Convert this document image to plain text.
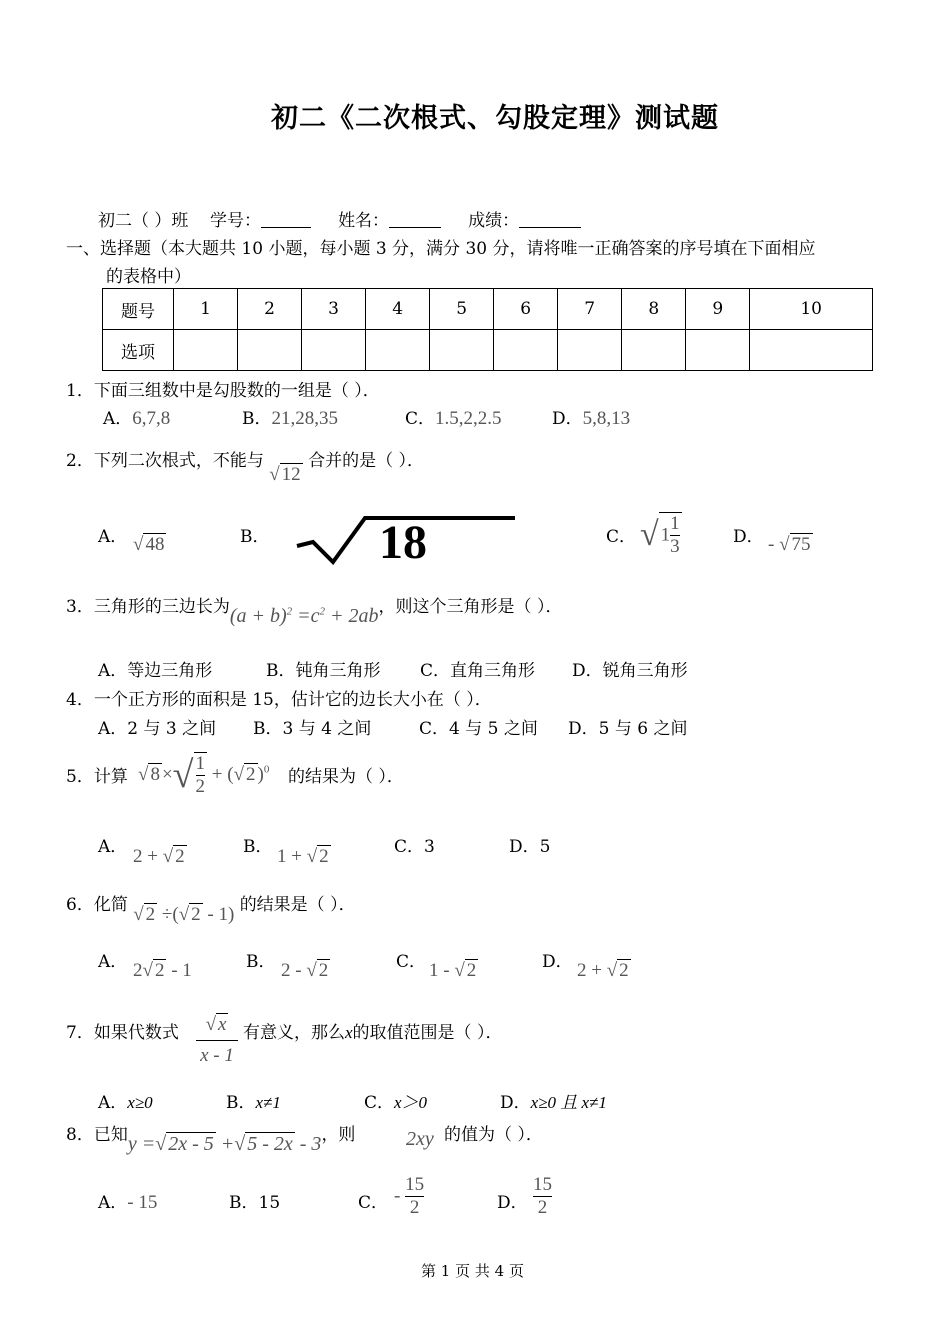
初二《二次根式、勾股定理》测试题
初二（ ）班 学号：	姓名：	成绩：
一、选择题（本大题共 10 小题，每小题 3 分，满分 30 分，请将唯一正确答案的序号填在下面相应
的表格中）
题号	1	2	3	4	5	6	7	8	9	10
选项										
1．下面三组数中是勾股数的一组是（ ）．
A．6,7,8	B．21,28,35	C．1.5,2,2.5	D．5,8,13
2．下列二次根式，不能与 √ 12 合并的是（ ）．
A． √ 48	B． 18	C． √ $1 \frac{1}{3}$	D． - √ 75
3．三角形的三边长为$(a + b)^2 =c^2 + 2ab$，则这个三角形是（ ）．
A．等边三角形	B．钝角三角形 C．直角三角形 D．锐角三角形
4．一个正方形的面积是 15，估计它的边长大小在（ ）．
A．2 与 3 之间 B．3 与 4 之间	C．4 与 5 之间 D．5 与 6 之间
5．计算 √ 8 ×√ $\frac{1}{2}$ + (√ 2 )$^0$ 的结果为（ ）．
A． 2 + √ 2	B． 1 + √ 2	C．3	D．5
6．化简 √ 2 ÷(√ 2 - 1) 的结果是（ ）．
A． 2√ 2 - 1	B． 2 - √ 2	C． 1 - √ 2	D． 2 + √ 2
7．如果代数式 $\frac{√ x}{x - 1}$ 有意义，那么x的取值范围是（ ）．
A．x≥0	B．x≠1	C．x＞0	D．x≥0 且 x≠1
8．已知y =√ 2x - 5 +√ 5 - 2x - 3，则	2xy 的值为（ ）．
A．- 15	B．15	C． - $\frac{15}{2}$	D． $\frac{15}{2}$
第 1 页 共 4 页
